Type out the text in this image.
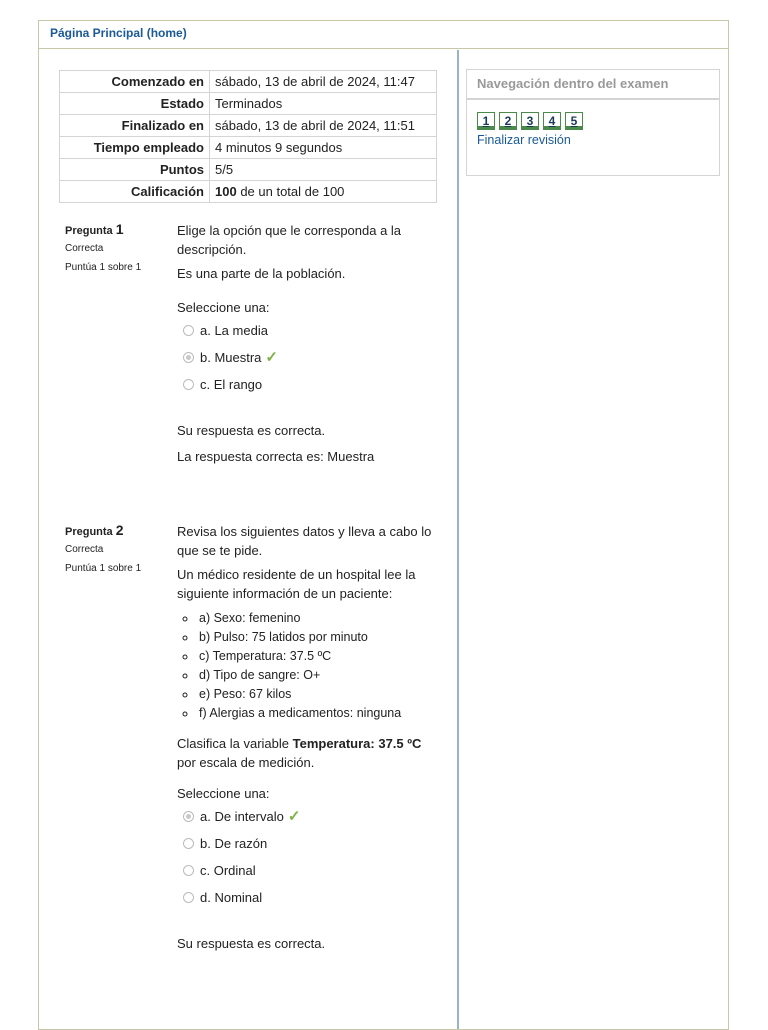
Página Principal (home)
Comenzado en	sábado, 13 de abril de 2024, 11:47
Estado	Terminados
Finalizado en	sábado, 13 de abril de 2024, 11:51
Tiempo empleado	4 minutos 9 segundos
Puntos	5/5
Calificación	100 de un total de 100
Pregunta 1
Correcta
Puntúa 1 sobre 1

Elige la opción que le corresponda a la descripción.

Es una parte de la población.

Seleccione una:

a. La media
b. Muestra ✓
c. El rango

Su respuesta es correcta.

La respuesta correcta es: Muestra

Pregunta 2
Correcta
Puntúa 1 sobre 1

Revisa los siguientes datos y lleva a cabo lo que se te pide.

Un médico residente de un hospital lee la siguiente información de un paciente:

◦ a) Sexo: femenino
◦ b) Pulso: 75 latidos por minuto
◦ c) Temperatura: 37.5 ºC
◦ d) Tipo de sangre: O+
◦ e) Peso: 67 kilos
◦ f) Alergias a medicamentos: ninguna

Clasifica la variable Temperatura: 37.5 ºC por escala de medición.

Seleccione una:

a. De intervalo ✓
b. De razón
c. Ordinal
d. Nominal

Su respuesta es correcta.

Navegación dentro del examen
1	2	3	4	5
Finalizar revisión
